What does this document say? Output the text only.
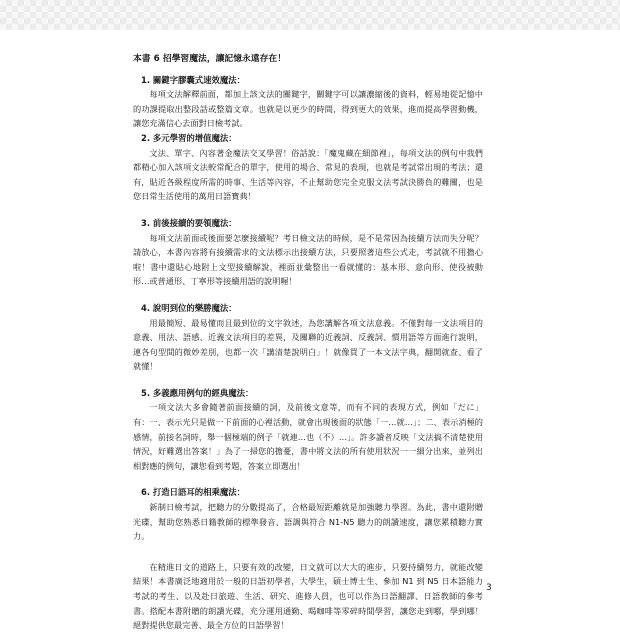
本書 6 招學習魔法，讓記憶永遠存在！

1. 關鍵字膠囊式速效魔法：

每項文法解釋前面，都加上該文法的關鍵字，關鍵字可以讓濃縮後的資料，輕易地從記憶中的功課提取出整段話或整篇文章。也就是以更少的時間，得到更大的效果，進而提高學習動機，讓您充滿信心去面對日檢考試。

2. 多元學習的增值魔法：

文法、單字、內容著金魔法交叉學習！俗話說：「魔鬼藏在細節裡」，每項文法的例句中我們都精心加入該項文法較常配合的單字，使用的場合、常見的表現，也就是考試常出現的考法；還有，貼近各級程度所需的時事、生活等內容，不止幫助您完全克服文法考試決勝負的難關，也是您日常生活使用的萬用日語寶典！

3. 前後接續的要領魔法：

每項文法前面或後面要怎麼接續呢？考日檢文法的時候，是不是常因為接續方法而失分呢？請放心，本書內容將有接續需求的文法標示出接續方法，只要照著這些公式走，考試就不用擔心啦！書中還貼心地附上文型接續解說，裡面並彙整出一看就懂的：基本形、意向形、使役被動形…或普通形、丁寧形等接續用語的說明喔！

4. 說明到位的樂勝魔法：

用最簡短、最易懂而且最到位的文字敘述，為您講解各項文法意義。不僅對每一文法項目的意義、用法、語感、近義文法項目的差異，及關聯的近義詞、反義詞、慣用語等方面進行說明，連各句型間的微妙差別，也都一次「講清楚說明白」！就像買了一本文法字典，翻開就查、看了就懂！

5. 多義應用例句的經典魔法：

一項文法大多會隨著前面接續的詞，及前後文意等，而有不同的表現方式，例如「だに」有：一、表示光只是做一下前面的心裡活動，就會出現後面的狀態「一…就…」；二、表示消極的感情，前接名詞時，舉一個極端的例子「就連…也（不）…」。許多讀者反映「文法搞不清楚使用情況，好難選出答案！」為了一掃您的擔憂，書中將文法的所有使用狀況一一細分出來，並列出相對應的例句，讓您看到考題，答案立即選出！

6. 打造日語耳的相乘魔法：

新制日檢考試，把聽力的分數提高了，合格最短距離就是加強聽力學習。為此，書中還附贈光碟，幫助您熟悉日籍教師的標準發音、語調與符合 N1-N5 聽力的朗讀速度，讓您累積聽力實力。

在精進日文的道路上，只要有效的改變，日文就可以大大的進步，只要持續努力，就能改變結果！本書廣泛地適用於一般的日語初學者，大學生，碩士博士生、參加 N1 到 N5 日本語能力考試的考生、以及赴日旅遊、生活、研究、進修人員，也可以作為日語翻譯、日語教師的參考書。搭配本書附贈的朗讀光碟，充分運用通勤、喝咖啡等零碎時間學習，讓您走到哪，學到哪！絕對提供您最完善、最全方位的日語學習！

3
